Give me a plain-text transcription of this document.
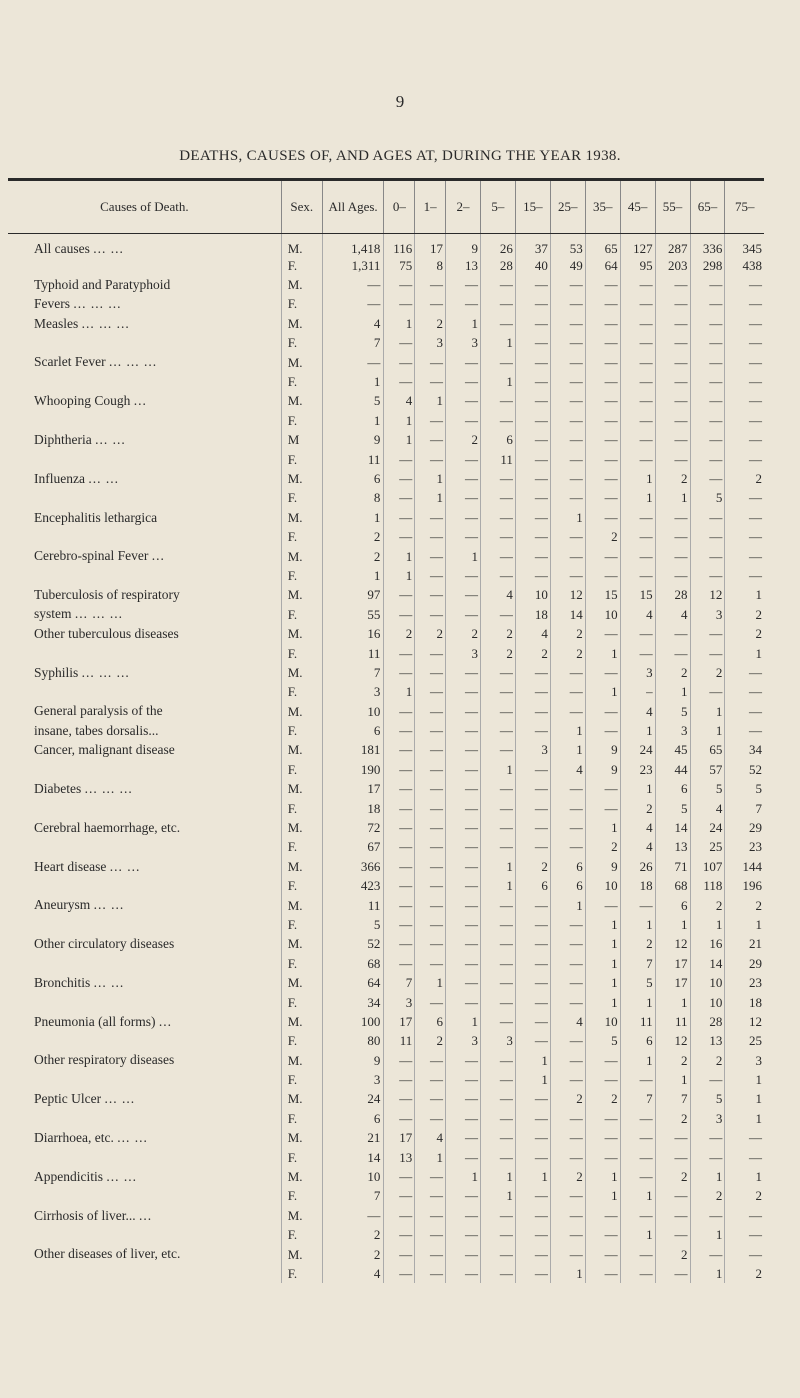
9
DEATHS, CAUSES OF, AND AGES AT, DURING THE YEAR 1938.
Causes of Death.	Sex.	All Ages.	0–	1–	2–	5–	15–	25–	35–	45–	55–	65–	75–
All causes ... ...	M.	1,418	116	17	9	26	37	53	65	127	287	336	345
	F.	1,311	75	8	13	28	40	49	64	95	203	298	438
Typhoid and Paratyphoid	M.	—	—	—	—	—	—	—	—	—	—	—	—
Fevers ... ... ...	F.	—	—	—	—	—	—	—	—	—	—	—	—
Measles ... ... ...	M.	4	1	2	1	—	—	—	—	—	—	—	—
	F.	7	—	3	3	1	—	—	—	—	—	—	—
Scarlet Fever ... ... ...	M.	—	—	—	—	—	—	—	—	—	—	—	—
	F.	1	—	—	—	1	—	—	—	—	—	—	—
Whooping Cough ...	M.	5	4	1	—	—	—	—	—	—	—	—	—
	F.	1	1	—	—	—	—	—	—	—	—	—	—
Diphtheria ... ...	M	9	1	—	2	6	—	—	—	—	—	—	—
	F.	11	—	—	—	11	—	—	—	—	—	—	—
Influenza ... ...	M.	6	—	1	—	—	—	—	—	1	2	—	2
	F.	8	—	1	—	—	—	—	—	1	1	5	—
Encephalitis lethargica	M.	1	—	—	—	—	—	1	—	—	—	—	—
	F.	2	—	—	—	—	—	—	2	—	—	—	—
Cerebro-spinal Fever ...	M.	2	1	—	1	—	—	—	—	—	—	—	—
	F.	1	1	—	—	—	—	—	—	—	—	—	—
Tuberculosis of respiratory	M.	97	—	—	—	4	10	12	15	15	28	12	1
system ... ... ...	F.	55	—	—	—	—	18	14	10	4	4	3	2
Other tuberculous diseases	M.	16	2	2	2	2	4	2	—	—	—	—	2
	F.	11	—	—	3	2	2	2	1	—	—	—	1
Syphilis ... ... ...	M.	7	—	—	—	—	—	—	—	3	2	2	—
	F.	3	1	—	—	—	—	—	1	–	1	—	—
General paralysis of the	M.	10	—	—	—	—	—	—	—	4	5	1	—
insane, tabes dorsalis...	F.	6	—	—	—	—	—	1	—	1	3	1	—
Cancer, malignant disease	M.	181	—	—	—	—	3	1	9	24	45	65	34
	F.	190	—	—	—	1	—	4	9	23	44	57	52
Diabetes ... ... ...	M.	17	—	—	—	—	—	—	—	1	6	5	5
	F.	18	—	—	—	—	—	—	—	2	5	4	7
Cerebral haemorrhage, etc.	M.	72	—	—	—	—	—	—	1	4	14	24	29
	F.	67	—	—	—	—	—	—	2	4	13	25	23
Heart disease ... ...	M.	366	—	—	—	1	2	6	9	26	71	107	144
	F.	423	—	—	—	1	6	6	10	18	68	118	196
Aneurysm ... ...	M.	11	—	—	—	—	—	1	—	—	6	2	2
	F.	5	—	—	—	—	—	—	1	1	1	1	1
Other circulatory diseases	M.	52	—	—	—	—	—	—	1	2	12	16	21
	F.	68	—	—	—	—	—	—	1	7	17	14	29
Bronchitis ... ...	M.	64	7	1	—	—	—	—	1	5	17	10	23
	F.	34	3	—	—	—	—	—	1	1	1	10	18
Pneumonia (all forms) ...	M.	100	17	6	1	—	—	4	10	11	11	28	12
	F.	80	11	2	3	3	—	—	5	6	12	13	25
Other respiratory diseases	M.	9	—	—	—	—	1	—	—	1	2	2	3
	F.	3	—	—	—	—	1	—	—	—	1	—	1
Peptic Ulcer ... ...	M.	24	—	—	—	—	—	2	2	7	7	5	1
	F.	6	—	—	—	—	—	—	—	—	2	3	1
Diarrhoea, etc. ... ...	M.	21	17	4	—	—	—	—	—	—	—	—	—
	F.	14	13	1	—	—	—	—	—	—	—	—	—
Appendicitis ... ...	M.	10	—	—	1	1	1	2	1	—	2	1	1
	F.	7	—	—	—	1	—	—	1	1	—	2	2
Cirrhosis of liver... ...	M.	—	—	—	—	—	—	—	—	—	—	—	—
	F.	2	—	—	—	—	—	—	—	1	—	1	—
Other diseases of liver, etc.	M.	2	—	—	—	—	—	—	—	—	2	—	—
	F.	4	—	—	—	—	—	1	—	—	—	1	2
